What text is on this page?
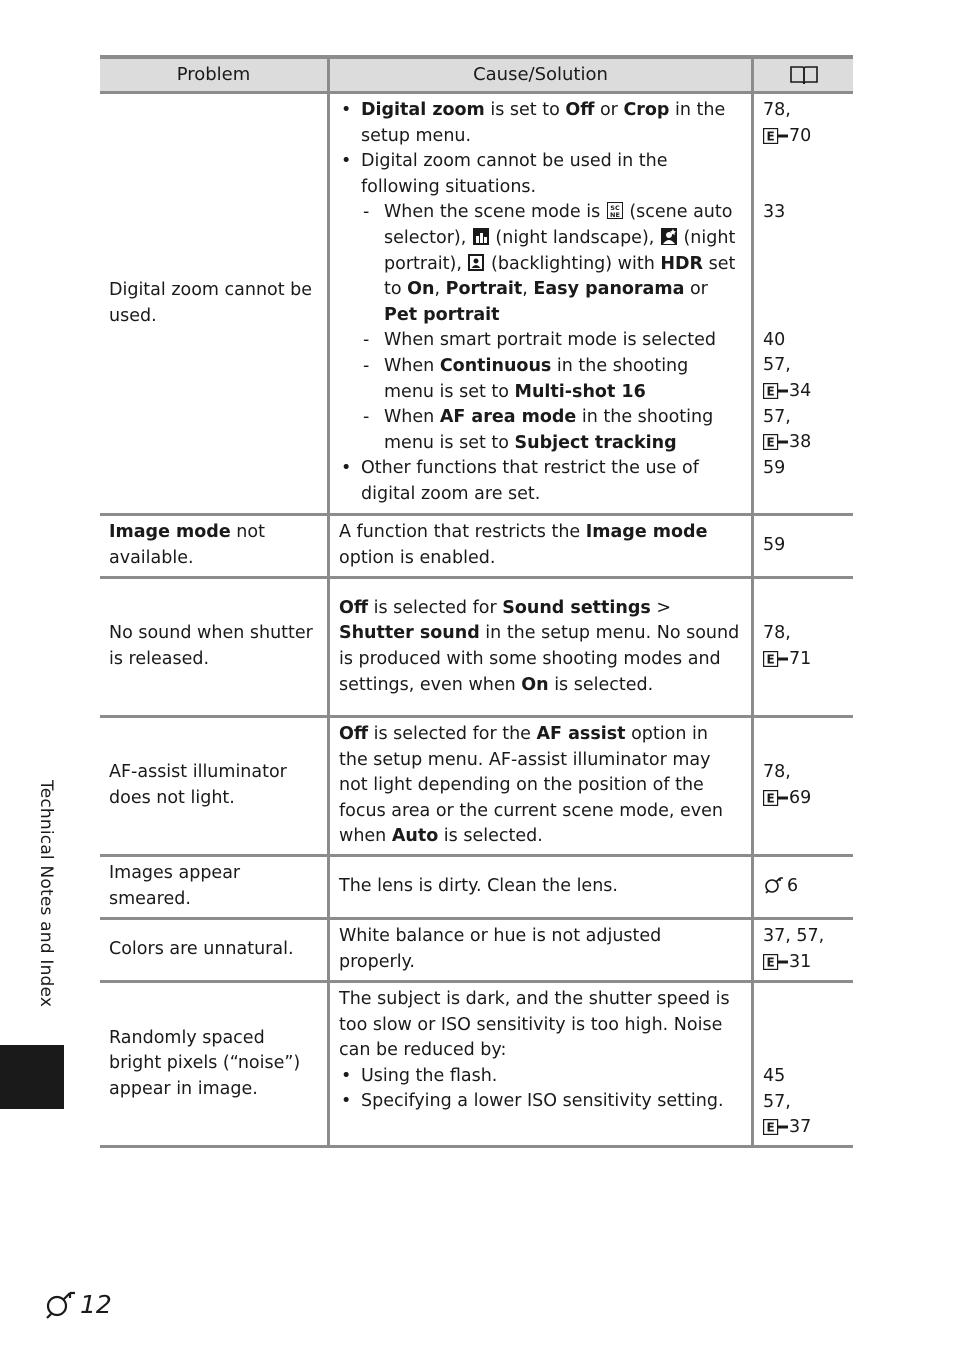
Problem	Cause/Solution
Digital zoom cannot be used.
• Digital zoom is set to Off or Crop in the setup menu.
• Digital zoom cannot be used in the following situations.
- When the scene mode is SC
NE (scene auto selector),  (night landscape),  (night portrait),  (backlighting) with HDR set to On, Portrait, Easy panorama or Pet portrait
- When smart portrait mode is selected
- When Continuous in the shooting menu is set to Multi-shot 16
- When AF area mode in the shooting menu is set to Subject tracking
• Other functions that restrict the use of digital zoom are set.
78,
E 70
33
40
57,
E 34
57,
E 38
59
Image mode not available.
A function that restricts the Image mode option is enabled.
59
No sound when shutter is released.
Off is selected for Sound settings > Shutter sound in the setup menu. No sound is produced with some shooting modes and settings, even when On is selected.
78,
E 71
AF-assist illuminator does not light.
Off is selected for the AF assist option in the setup menu. AF-assist illuminator may not light depending on the position of the focus area or the current scene mode, even when Auto is selected.
78,
E 69
Images appear smeared.
The lens is dirty. Clean the lens.	6
Colors are unnatural.
White balance or hue is not adjusted properly.
37, 57,
E 31
Randomly spaced bright pixels (“noise”) appear in image.
The subject is dark, and the shutter speed is too slow or ISO sensitivity is too high. Noise can be reduced by:
• Using the flash.
• Specifying a lower ISO sensitivity setting.
45
57,
E 37
Technical Notes and Index
12
